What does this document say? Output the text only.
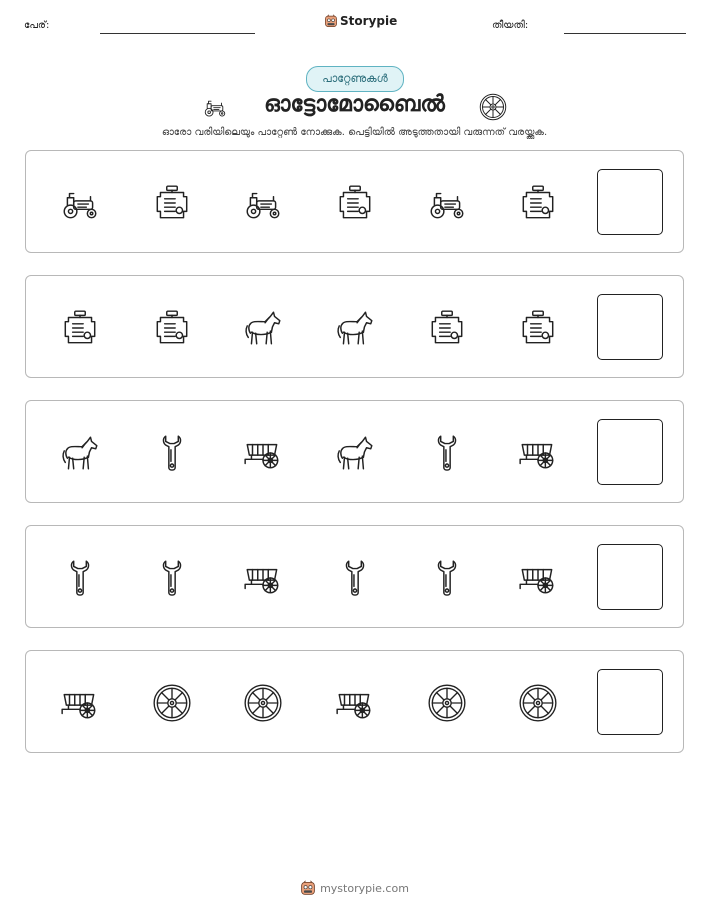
പേര്:	Storypie	തീയതി:
പാറ്റേണുകൾ
ഓട്ടോമോബൈൽ
ഓരോ വരിയിലെയും പാറ്റേൺ നോക്കുക. പെട്ടിയിൽ അടുത്തതായി വരുന്നത് വരയ്ക്കുക.
mystorypie.com
